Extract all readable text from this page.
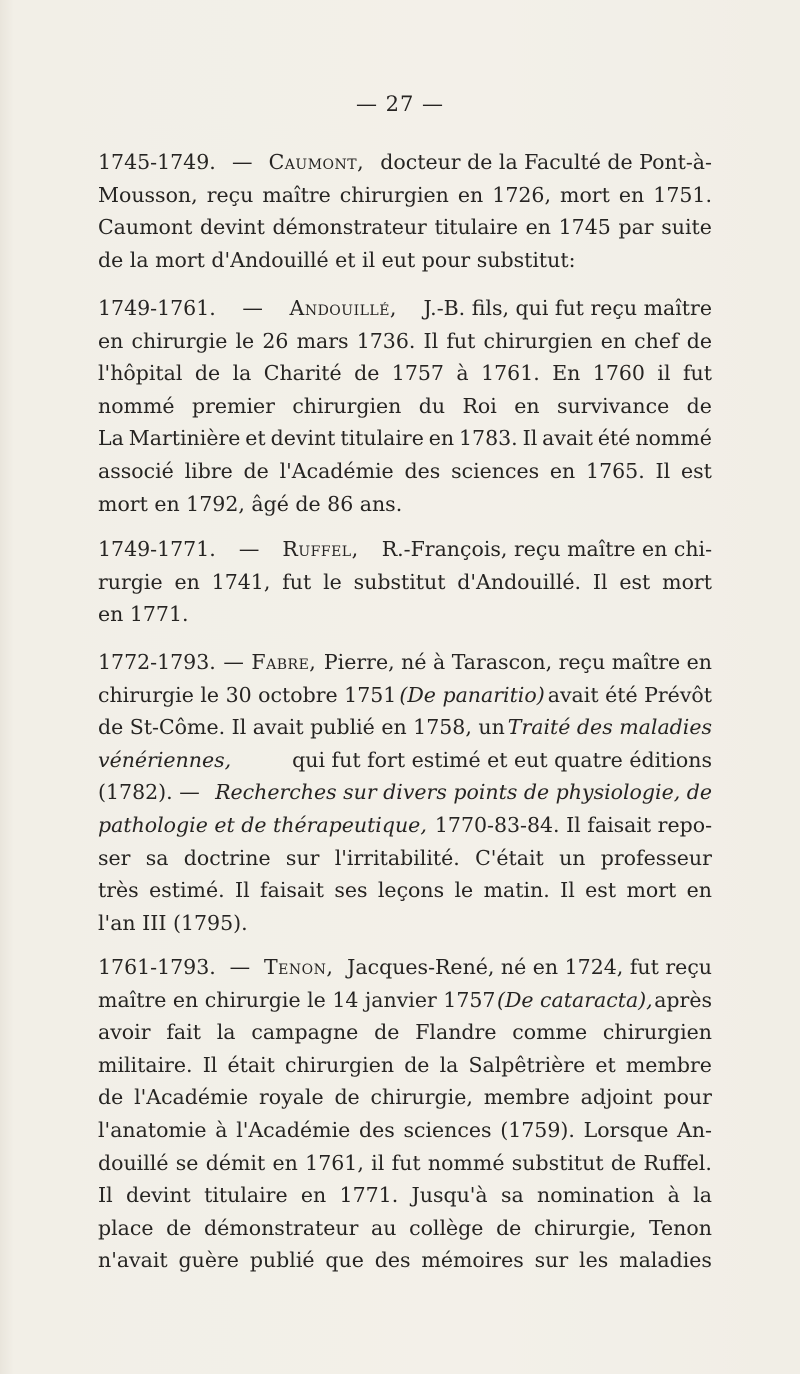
— 27 —
1745-1749. — Caumont, docteur de la Faculté de Pont-à-
Mousson, reçu maître chirurgien en 1726, mort en 1751.
Caumont devint démonstrateur titulaire en 1745 par suite
de la mort d'Andouillé et il eut pour substitut:
1749-1761. — Andouillé, J.-B. fils, qui fut reçu maître
en chirurgie le 26 mars 1736. Il fut chirurgien en chef de
l'hôpital de la Charité de 1757 à 1761. En 1760 il fut
nommé premier chirurgien du Roi en survivance de
La Martinière et devint titulaire en 1783. Il avait été nommé
associé libre de l'Académie des sciences en 1765. Il est
mort en 1792, âgé de 86 ans.
1749-1771. — Ruffel, R.-François, reçu maître en chi-
rurgie en 1741, fut le substitut d'Andouillé. Il est mort
en 1771.
1772-1793. — Fabre, Pierre, né à Tarascon, reçu maître en
chirurgie le 30 octobre 1751 (De panaritio) avait été Prévôt
de St-Côme. Il avait publié en 1758, un Traité des maladies
vénériennes,	qui fut fort estimé et eut quatre éditions
(1782). — Recherches sur divers points de physiologie, de
pathologie et de thérapeutique, 1770-83-84. Il faisait repo-
ser sa doctrine sur l'irritabilité. C'était un professeur
très estimé. Il faisait ses leçons le matin. Il est mort en
l'an III (1795).
1761-1793. — Tenon, Jacques-René, né en 1724, fut reçu
maître en chirurgie le 14 janvier 1757 (De cataracta), après
avoir fait la campagne de Flandre comme chirurgien
militaire. Il était chirurgien de la Salpêtrière et membre
de l'Académie royale de chirurgie, membre adjoint pour
l'anatomie à l'Académie des sciences (1759). Lorsque An-
douillé se démit en 1761, il fut nommé substitut de Ruffel.
Il devint titulaire en 1771. Jusqu'à sa nomination à la
place de démonstrateur au collège de chirurgie, Tenon
n'avait guère publié que des mémoires sur les maladies
